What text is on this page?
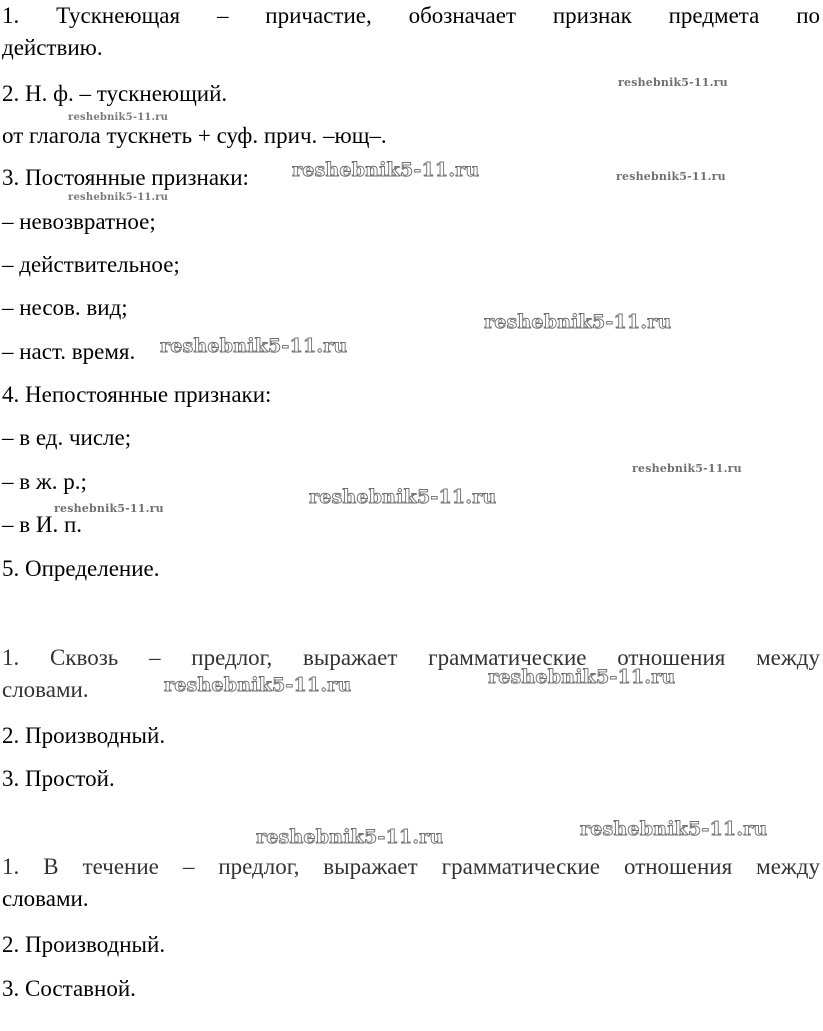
1. Тускнеющая – причастие, обозначает признак предмета по
действию.
2. Н. ф. – тускнеющий.
от глагола тускнеть + суф. прич. –ющ–.
3. Постоянные признаки:
– невозвратное;
– действительное;
– несов. вид;
– наст. время.
4. Непостоянные признаки:
– в ед. числе;
– в ж. р.;
– в И. п.
5. Определение.
1. Сквозь – предлог, выражает грамматические отношения между
словами.
2. Производный.
3. Простой.
1. В течение – предлог, выражает грамматические отношения между
словами.
2. Производный.
3. Составной.
reshebnik5-11.ru
reshebnik5-11.ru
reshebnik5-11.ru	reshebnik5-11.ru
reshebnik5-11.ru
reshebnik5-11.ru
reshebnik5-11.ru
reshebnik5-11.ru
reshebnik5-11.ru
reshebnik5-11.ru
reshebnik5-11.ru
reshebnik5-11.ru
reshebnik5-11.ru
reshebnik5-11.ru
